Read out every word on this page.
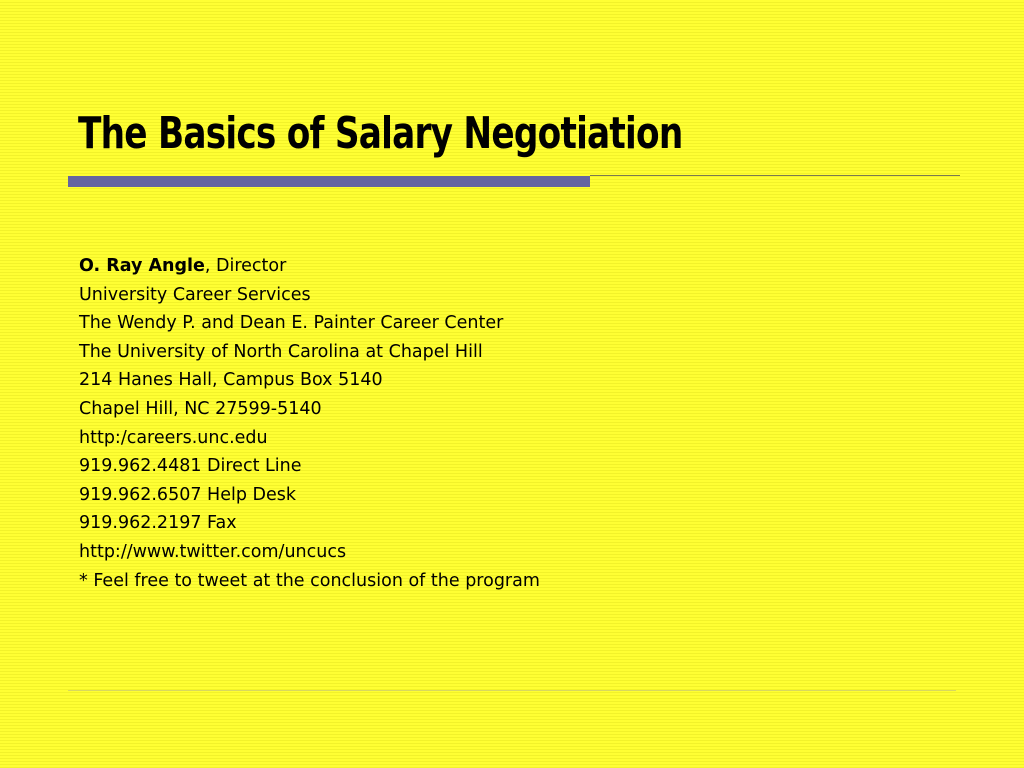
The Basics of Salary Negotiation
O. Ray Angle, Director
University Career Services
The Wendy P. and Dean E. Painter Career Center
The University of North Carolina at Chapel Hill
214 Hanes Hall, Campus Box 5140
Chapel Hill, NC 27599-5140
http:/careers.unc.edu
919.962.4481 Direct Line
919.962.6507 Help Desk
919.962.2197 Fax
http://www.twitter.com/uncucs
* Feel free to tweet at the conclusion of the program
